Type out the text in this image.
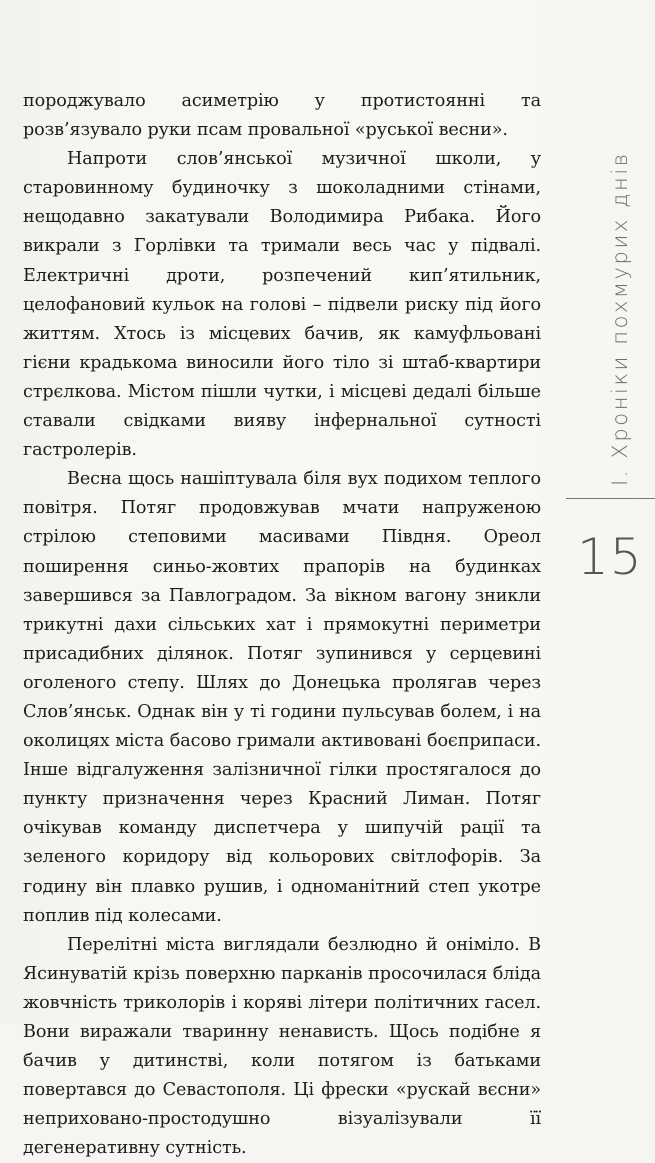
породжувало асиметрію у протистоянні та розв’язувало руки псам провальної «руської весни».

Напроти слов’янської музичної школи, у старовинному будиночку з шоколадними стінами, нещодавно закатували Володимира Рибака. Його викрали з Горлівки та тримали весь час у підвалі. Електричні дроти, розпечений кип’ятильник, целофановий кульок на голові – підвели риску під його життям. Хтось із місцевих бачив, як камуфльовані гієни крадькома виносили його тіло зі штаб-квартири стрєлкова. Містом пішли чутки, і місцеві дедалі більше ставали свідками вияву інфернальної сутності гастролерів.

Весна щось нашіптувала біля вух подихом теплого повітря. Потяг продовжував мчати напруженою стрілою степовими масивами Півдня. Ореол поширення синьо-жовтих прапорів на будинках завершився за Павлоградом. За вікном вагону зникли трикутні дахи сільських хат і прямокутні периметри присадибних ділянок. Потяг зупинився у серцевині оголеного степу. Шлях до Донецька пролягав через Слов’янськ. Однак він у ті години пульсував болем, і на околицях міста басово гримали активовані боєприпаси. Інше відгалуження залізничної гілки простягалося до пункту призначення через Красний Лиман. Потяг очікував команду диспетчера у шипучій рації та зеленого коридору від кольорових світлофорів. За годину він плавко рушив, і одноманітний степ укотре поплив під колесами.

Перелітні міста виглядали безлюдно й оніміло. В Ясинуватій крізь поверхню парканів просочилася бліда жовчність триколорів і корявi літери політичних гасел. Вони виражали тваринну ненависть. Щось подібне я бачив у дитинстві, коли потягом із батьками повертався до Севастополя. Ці фрески «рускай вєсни» неприховано-простодушно візуалізували її дегенеративну сутність.

І. Хроніки похмурих днів
15
